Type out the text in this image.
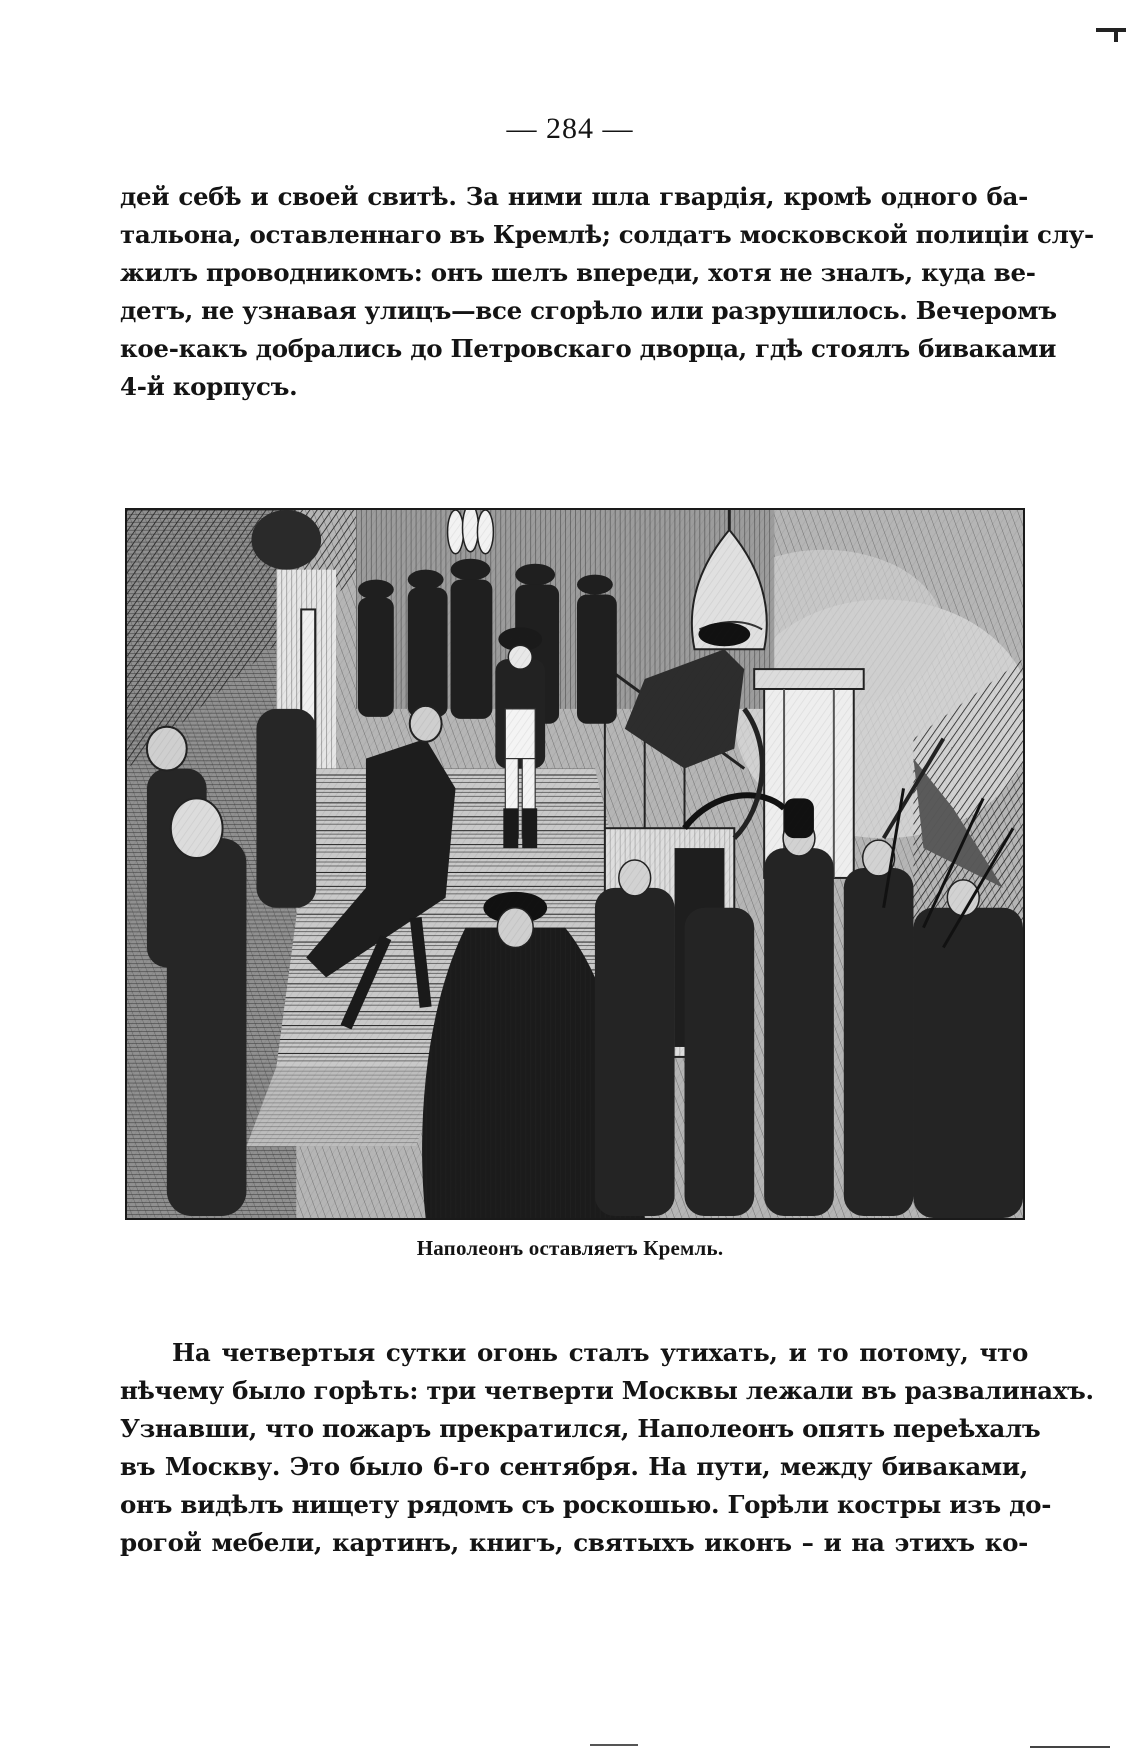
— 284 —
дей себѣ и своей свитѣ. За ними шла гвардія, кромѣ одного ба-
тальона, оставленнаго въ Кремлѣ; солдатъ московской полиціи слу-
жилъ проводникомъ: онъ шелъ впереди, хотя не зналъ, куда ве-
детъ, не узнавая улицъ—все сгорѣло или разрушилось. Вечеромъ
кое-какъ добрались до Петровскаго дворца, гдѣ стоялъ биваками
4-й корпусъ.
Наполеонъ оставляетъ Кремль.
На четвертыя сутки огонь сталъ утихать, и то потому, что
нѣчему было горѣть: три четверти Москвы лежали въ развалинахъ.
Узнавши, что пожаръ прекратился, Наполеонъ опять переѣхалъ
въ Москву. Это было 6-го сентября. На пути, между биваками,
онъ видѣлъ нищету рядомъ съ роскошью. Горѣли костры изъ до-
рогой мебели, картинъ, книгъ, святыхъ иконъ – и на этихъ ко-
